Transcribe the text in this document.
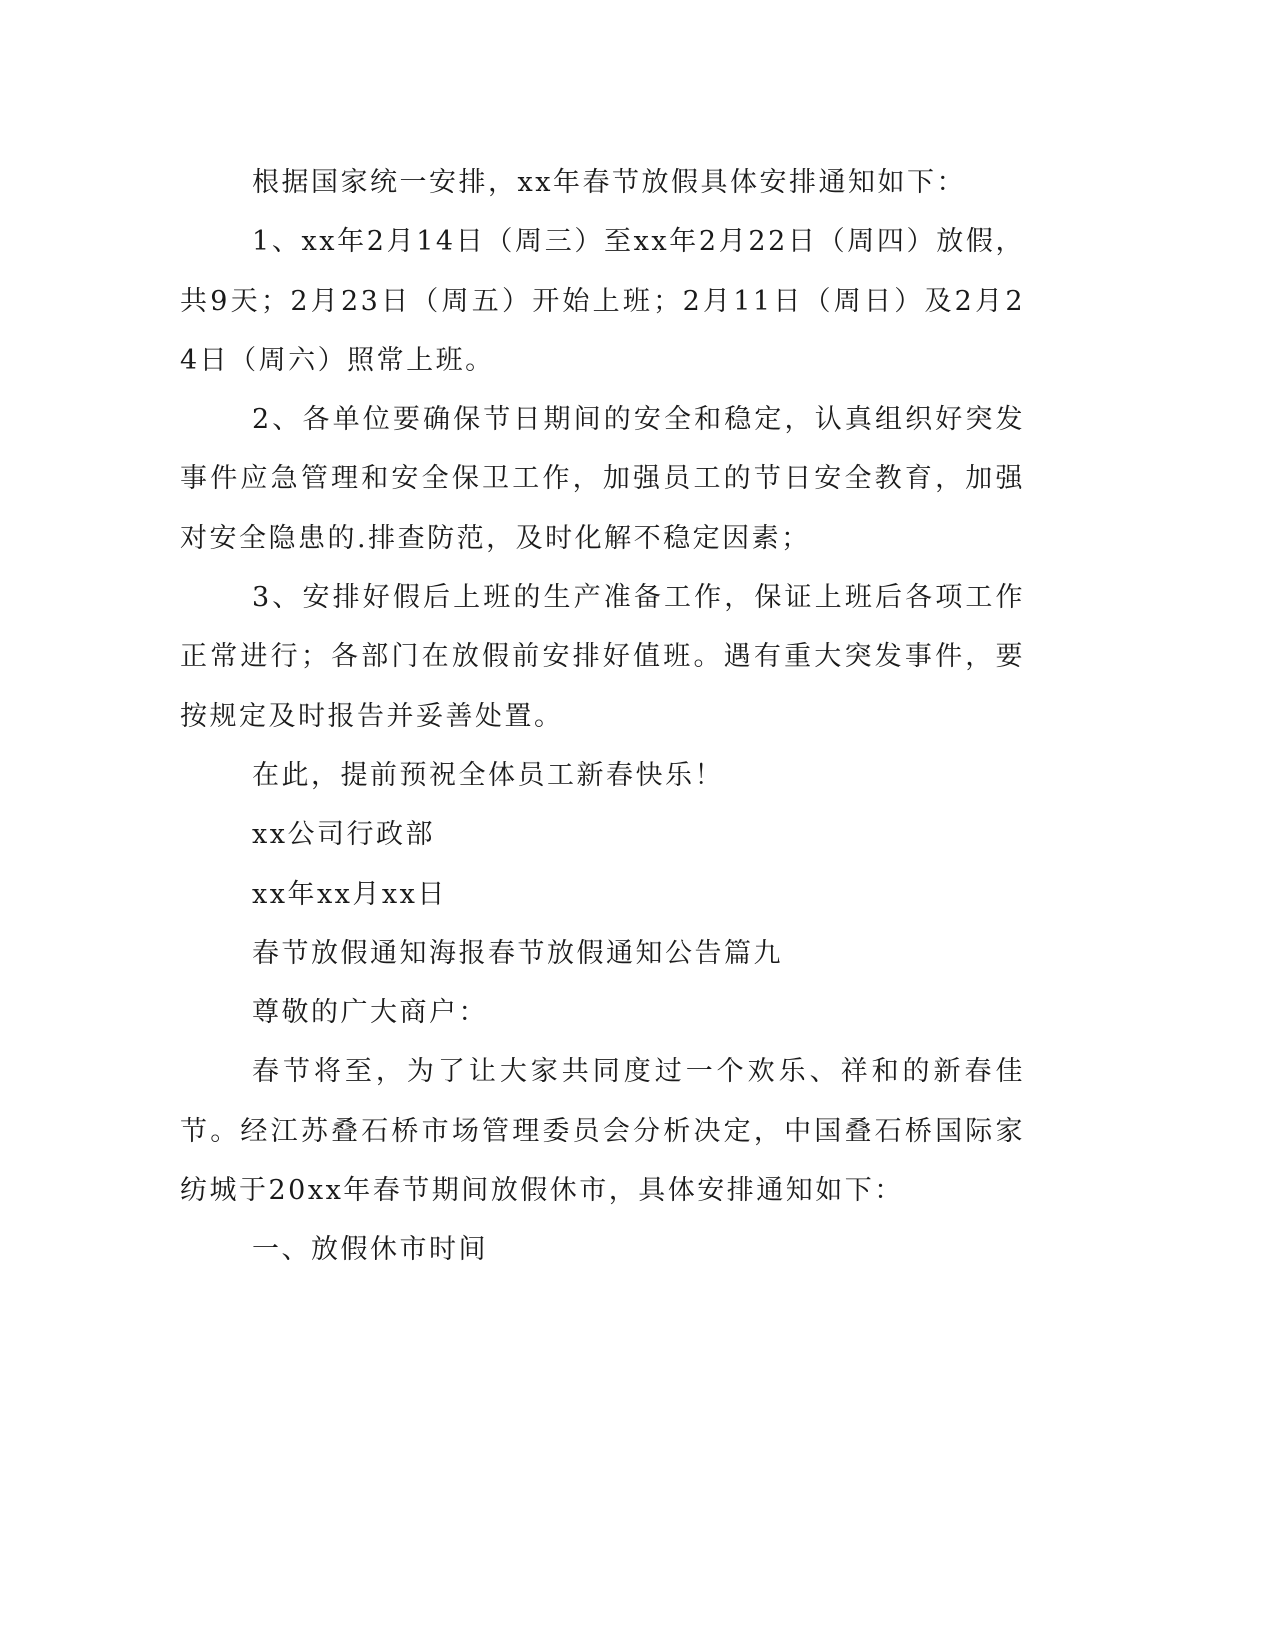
根据国家统一安排，xx年春节放假具体安排通知如下：

1、xx年2月14日（周三）至xx年2月22日（周四）放假，共9天；2月23日（周五）开始上班；2月11日（周日）及2月24日（周六）照常上班。

2、各单位要确保节日期间的安全和稳定，认真组织好突发事件应急管理和安全保卫工作，加强员工的节日安全教育，加强对安全隐患的.排查防范，及时化解不稳定因素；

3、安排好假后上班的生产准备工作，保证上班后各项工作正常进行；各部门在放假前安排好值班。遇有重大突发事件，要按规定及时报告并妥善处置。

在此，提前预祝全体员工新春快乐！

xx公司行政部

xx年xx月xx日

春节放假通知海报春节放假通知公告篇九

尊敬的广大商户：

春节将至，为了让大家共同度过一个欢乐、祥和的新春佳节。经江苏叠石桥市场管理委员会分析决定，中国叠石桥国际家纺城于20xx年春节期间放假休市，具体安排通知如下：

一、放假休市时间
